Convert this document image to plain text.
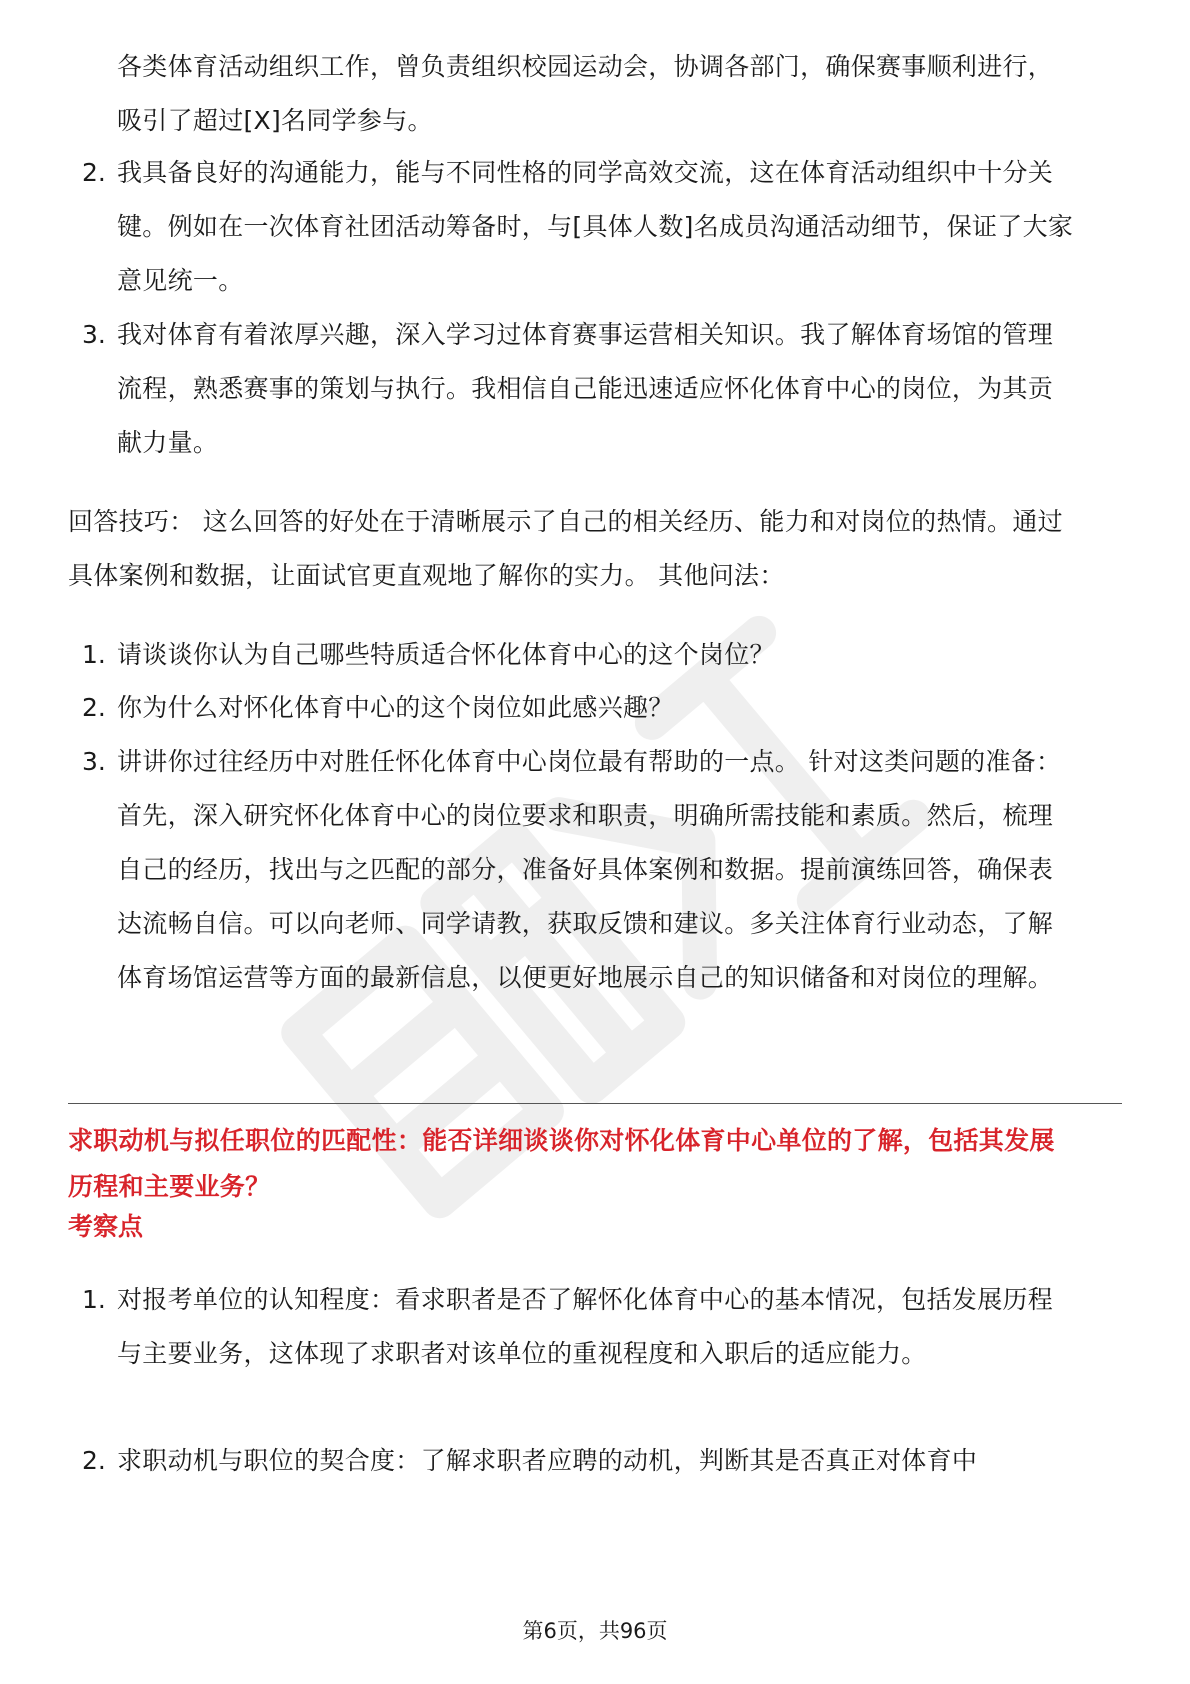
各类体育活动组织工作，曾负责组织校园运动会，协调各部门，确保赛事顺利进行，吸引了超过[X]名同学参与。
2. 我具备良好的沟通能力，能与不同性格的同学高效交流，这在体育活动组织中十分关键。例如在一次体育社团活动筹备时，与[具体人数]名成员沟通活动细节，保证了大家意见统一。
3. 我对体育有着浓厚兴趣，深入学习过体育赛事运营相关知识。我了解体育场馆的管理流程，熟悉赛事的策划与执行。我相信自己能迅速适应怀化体育中心的岗位，为其贡献力量。
回答技巧： 这么回答的好处在于清晰展示了自己的相关经历、能力和对岗位的热情。通过具体案例和数据，让面试官更直观地了解你的实力。 其他问法：
1. 请谈谈你认为自己哪些特质适合怀化体育中心的这个岗位？
2. 你为什么对怀化体育中心的这个岗位如此感兴趣？
3. 讲讲你过往经历中对胜任怀化体育中心岗位最有帮助的一点。 针对这类问题的准备： 首先，深入研究怀化体育中心的岗位要求和职责，明确所需技能和素质。然后，梳理自己的经历，找出与之匹配的部分，准备好具体案例和数据。提前演练回答，确保表达流畅自信。可以向老师、同学请教，获取反馈和建议。多关注体育行业动态，了解体育场馆运营等方面的最新信息，以便更好地展示自己的知识储备和对岗位的理解。
求职动机与拟任职位的匹配性：能否详细谈谈你对怀化体育中心单位的了解，包括其发展历程和主要业务？
考察点
1. 对报考单位的认知程度：看求职者是否了解怀化体育中心的基本情况，包括发展历程与主要业务，这体现了求职者对该单位的重视程度和入职后的适应能力。
2. 求职动机与职位的契合度：了解求职者应聘的动机，判断其是否真正对体育中
第6页，共96页
